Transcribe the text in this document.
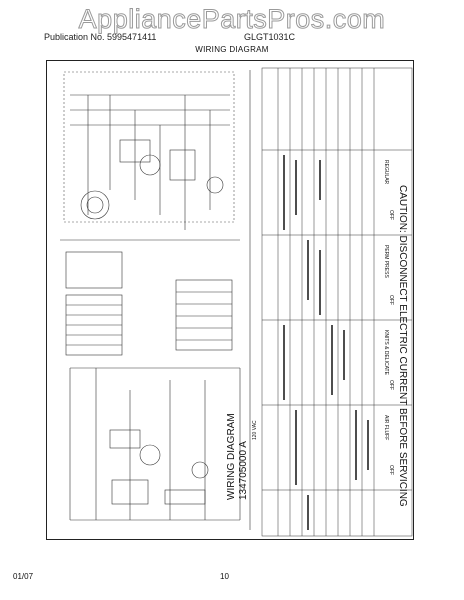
AppliancePartsPros.com
Publication No. 5995471411	GLGT1031C
WIRING DIAGRAM
CAUTION: DISCONNECT ELECTRIC CURRENT BEFORE SERVICING
WIRING DIAGRAM 134705000 A
120 VAC
REGULAR
PERM PRESS
KNITS & DELICATE
AIR FLUFF
OFF
OFF
OFF
OFF
01/07	10
